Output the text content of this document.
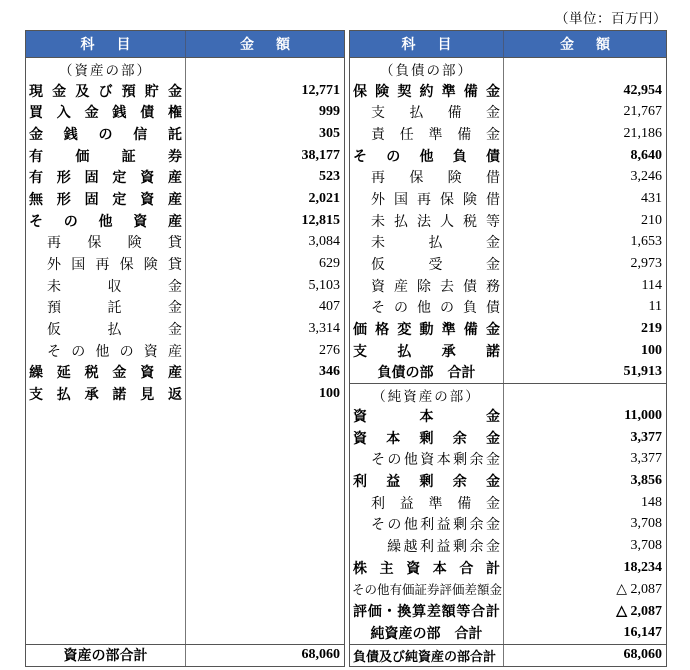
（単位：百万円）
科　目	金　額
（資産の部）
現 金 及 び 預 貯 金	12,771
買 入 金 銭 債 権	999
金 銭 の 信 託	305
有 価 証 券	38,177
有 形 固 定 資 産	523
無 形 固 定 資 産	2,021
そ の 他 資 産	12,815
再 保 険 貸	3,084
外 国 再 保 険 貸	629
未	収	金	5,103
預	託	金	407
仮	払	金	3,314
そ の 他 の 資 産	276
繰 延 税 金 資 産	346
支 払 承 諾 見 返	100
資産の部合計	68,060
科　目	金　額
（負債の部）
保 険 契 約 準 備 金	42,954
支 払 備 金	21,767
責 任 準 備 金	21,186
そ の 他 負 債	8,640
再 保 険 借	3,246
外 国 再 保 険 借	431
未 払 法 人 税 等	210
未	払	金	1,653
仮	受	金	2,973
資 産 除 去 債 務	114
そ の 他 の 負 債	11
価 格 変 動 準 備 金	219
支 払 承 諾	100
負債の部　合計	51,913
（純資産の部）
資	本	金	11,000
資 本 剰 余 金	3,377
そ の 他 資 本 剰 余 金	3,377
利 益 剰 余 金	3,856
利 益 準 備 金	148
そ の 他 利 益 剰 余 金	3,708
繰 越 利 益 剰 余 金	3,708
株 主 資 本 合 計	18,234
その他有価証券評価差額金	△ 2,087
評 価 ・ 換 算 差 額 等 合 計	△ 2,087
純資産の部　合計	16,147
負債及び純資産の部合計	68,060
